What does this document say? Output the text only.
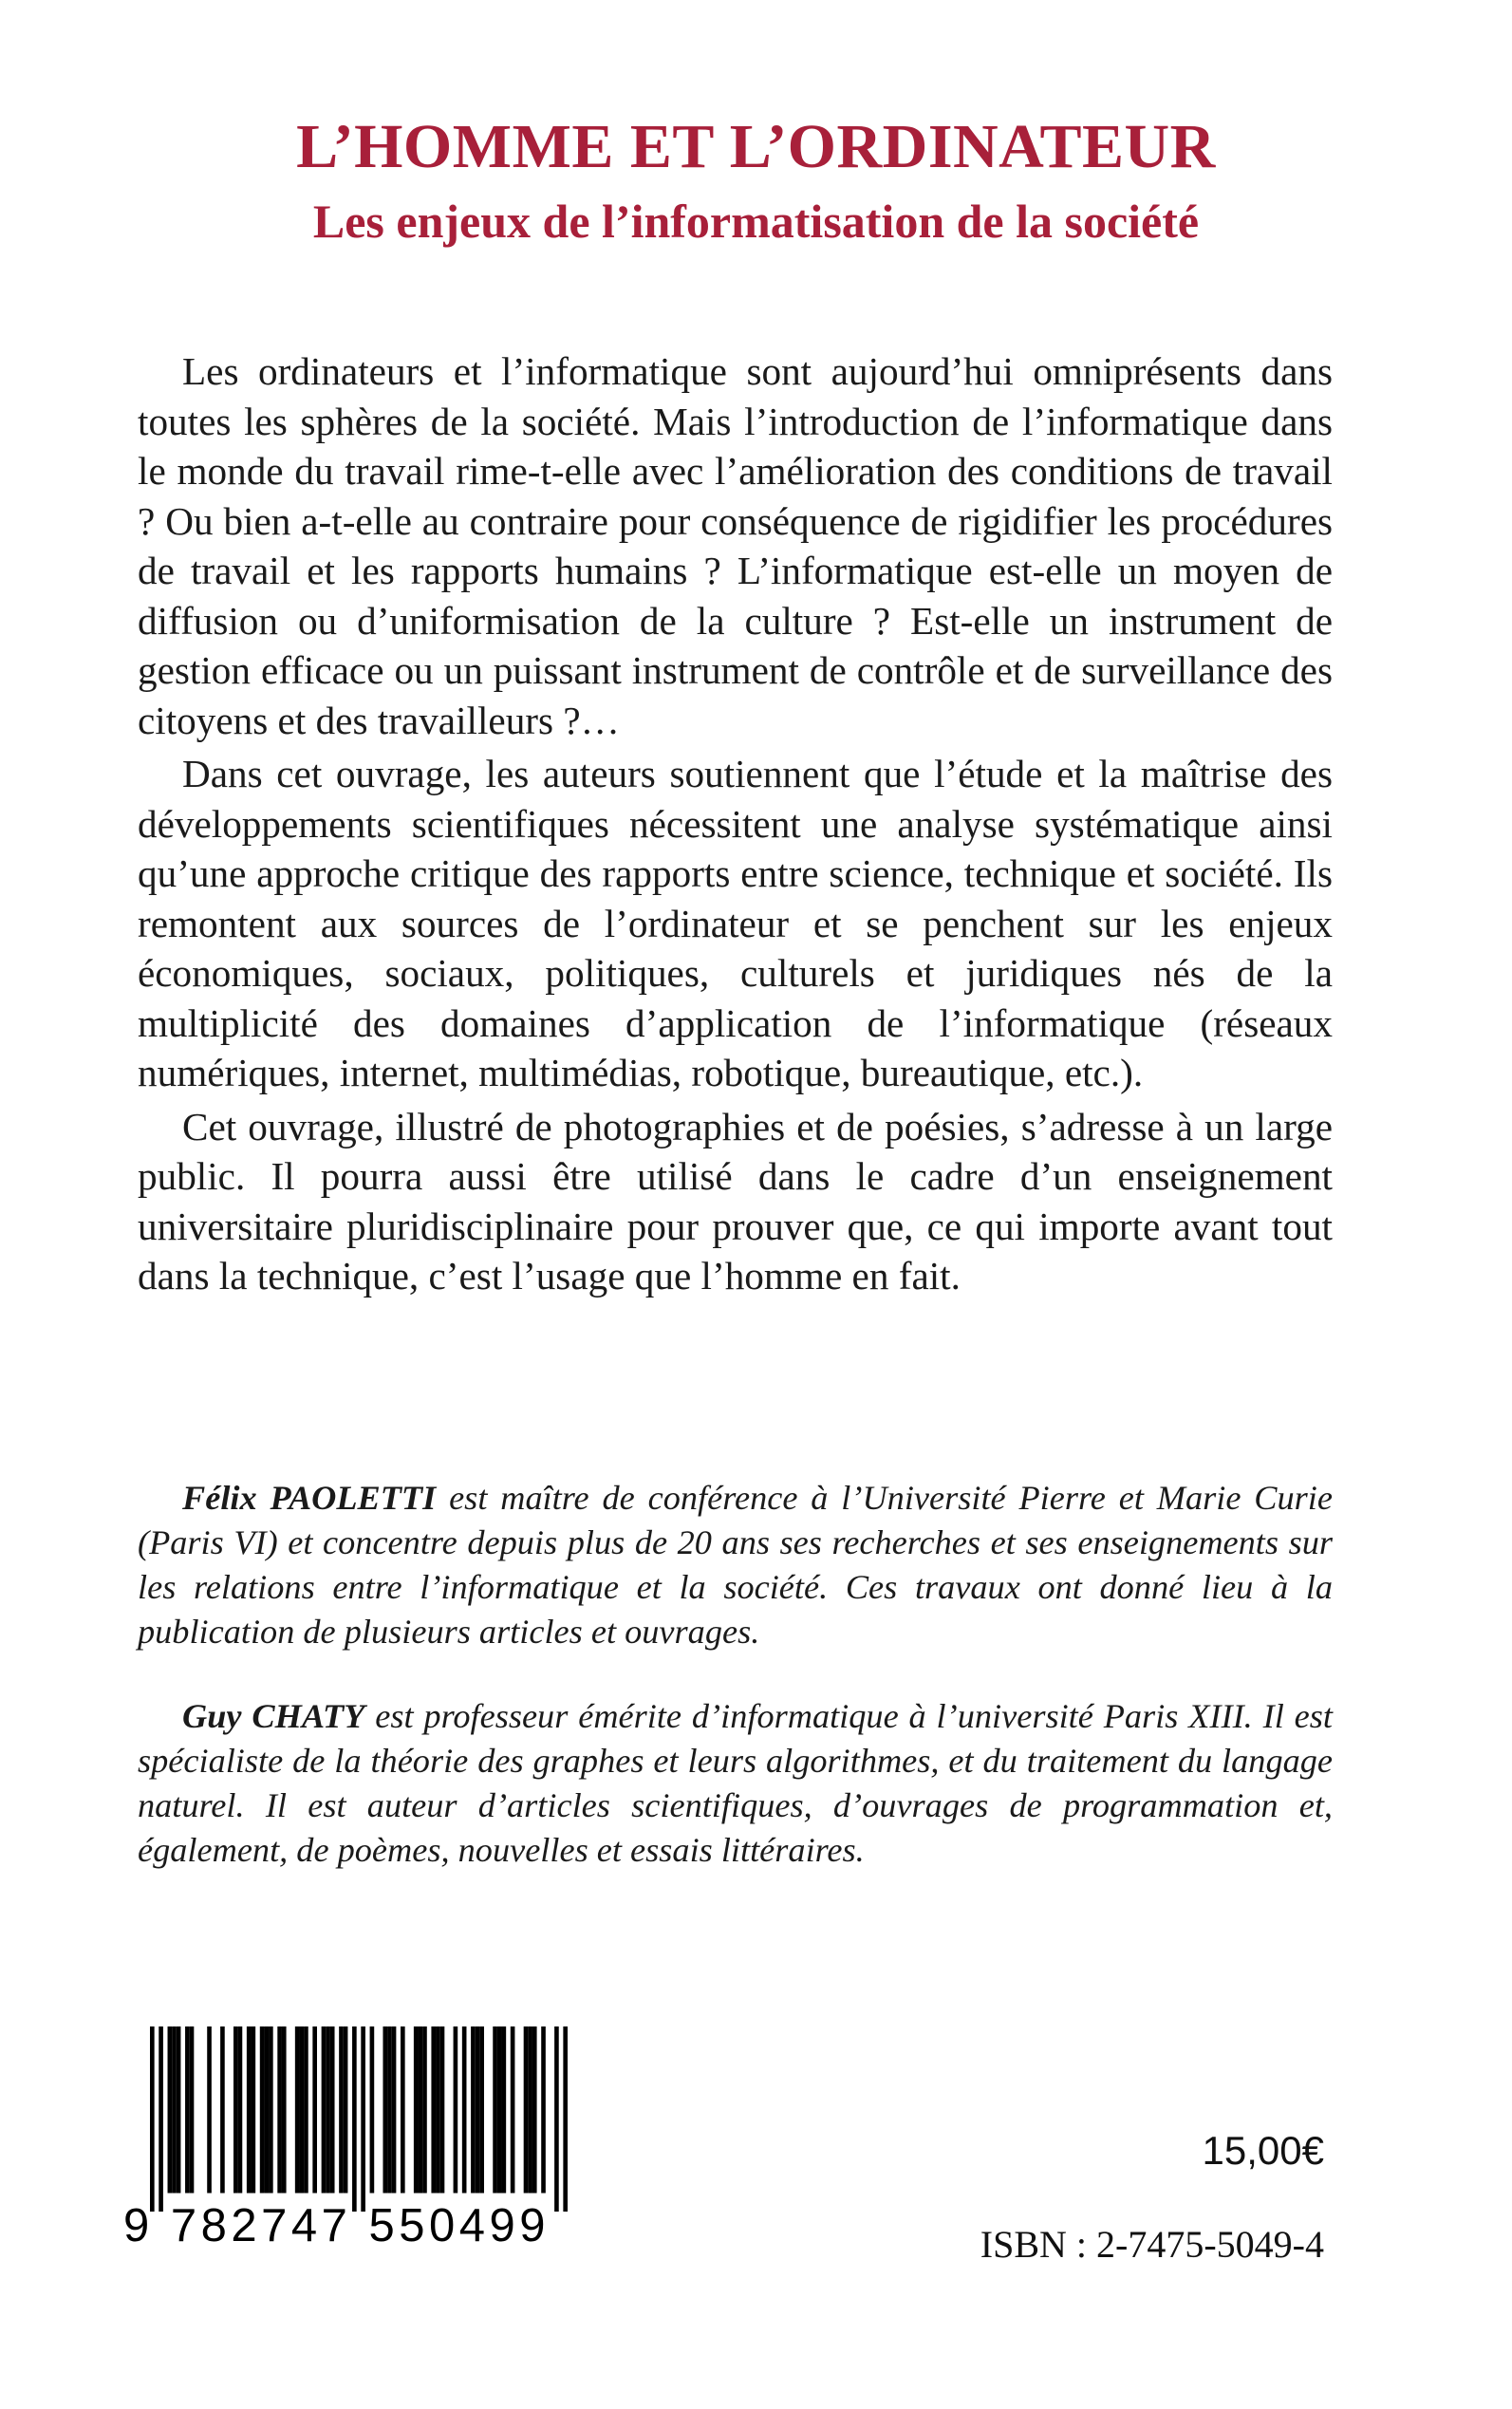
L’HOMME ET L’ORDINATEUR
Les enjeux de l’informatisation de la société

Les ordinateurs et l’informatique sont aujourd’hui omniprésents dans toutes les sphères de la société. Mais l’introduction de l’informatique dans le monde du travail rime-t-elle avec l’amélioration des conditions de travail ? Ou bien a-t-elle au contraire pour conséquence de rigidifier les procédures de travail et les rapports humains ? L’informatique est-elle un moyen de diffusion ou d’uniformisation de la culture ? Est-elle un instrument de gestion efficace ou un puissant instrument de contrôle et de surveillance des citoyens et des travailleurs ?…

Dans cet ouvrage, les auteurs soutiennent que l’étude et la maîtrise des développements scientifiques nécessitent une analyse systématique ainsi qu’une approche critique des rapports entre science, technique et société. Ils remontent aux sources de l’ordinateur et se penchent sur les enjeux économiques, sociaux, politiques, culturels et juridiques nés de la multiplicité des domaines d’application de l’informatique (réseaux numériques, internet, multimédias, robotique, bureautique, etc.).

Cet ouvrage, illustré de photographies et de poésies, s’adresse à un large public. Il pourra aussi être utilisé dans le cadre d’un enseignement universitaire pluridisciplinaire pour prouver que, ce qui importe avant tout dans la technique, c’est l’usage que l’homme en fait.

Félix PAOLETTI est maître de conférence à l’Université Pierre et Marie Curie (Paris VI) et concentre depuis plus de 20 ans ses recherches et ses enseignements sur les relations entre l’informatique et la société. Ces travaux ont donné lieu à la publication de plusieurs articles et ouvrages.

Guy CHATY est professeur émérite d’informatique à l’université Paris XIII. Il est spécialiste de la théorie des graphes et leurs algorithmes, et du traitement du langage naturel. Il est auteur d’articles scientifiques, d’ouvrages de programmation et, également, de poèmes, nouvelles et essais littéraires.

9 782747 550499
15,00€
ISBN : 2-7475-5049-4
